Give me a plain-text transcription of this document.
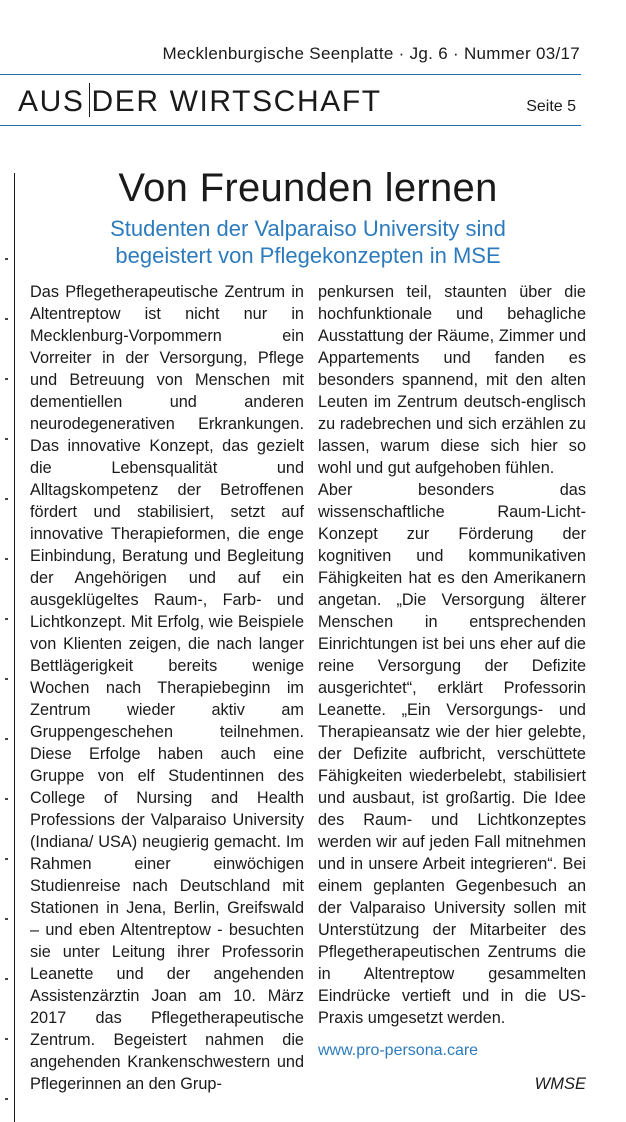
Mecklenburgische Seenplatte · Jg. 6 · Nummer 03/17
AUS DER WIRTSCHAFT	Seite 5
Von Freunden lernen
Studenten der Valparaiso University sind
begeistert von Pflegekonzepten in MSE

Das Pflegetherapeutische Zentrum in Altentreptow ist nicht nur in Mecklenburg-Vorpommern ein Vorreiter in der Versorgung, Pflege und Betreuung von Menschen mit dementiellen und anderen neurodegenerativen Erkrankungen. Das innovative Konzept, das gezielt die Lebensqualität und Alltagskompetenz der Betroffenen fördert und stabilisiert, setzt auf innovative Therapieformen, die enge Einbindung, Beratung und Begleitung der Angehörigen und auf ein ausgeklügeltes Raum-, Farb- und Lichtkonzept. Mit Erfolg, wie Beispiele von Klienten zeigen, die nach langer Bettlägerigkeit bereits wenige Wochen nach Therapiebeginn im Zentrum wieder aktiv am Gruppengeschehen teilnehmen. Diese Erfolge haben auch eine Gruppe von elf Studentinnen des College of Nursing and Health Professions der Valparaiso University (Indiana/ USA) neugierig gemacht. Im Rahmen einer einwöchigen Studienreise nach Deutschland mit Stationen in Jena, Berlin, Greifswald – und eben Altentreptow - besuchten sie unter Leitung ihrer Professorin Leanette und der angehenden Assistenzärztin Joan am 10. März 2017 das Pflegetherapeutische Zentrum. Begeistert nahmen die angehenden Krankenschwestern und Pflegerinnen an den Grup-

penkursen teil, staunten über die hochfunktionale und behagliche Ausstattung der Räume, Zimmer und Appartements und fanden es besonders spannend, mit den alten Leuten im Zentrum deutsch-englisch zu radebrechen und sich erzählen zu lassen, warum diese sich hier so wohl und gut aufgehoben fühlen.

Aber besonders das wissenschaftliche Raum-Licht-Konzept zur Förderung der kognitiven und kommunikativen Fähigkeiten hat es den Amerikanern angetan. „Die Versorgung älterer Menschen in entsprechenden Einrichtungen ist bei uns eher auf die reine Versorgung der Defizite ausgerichtet“, erklärt Professorin Leanette. „Ein Versorgungs- und Therapieansatz wie der hier gelebte, der Defizite aufbricht, verschüttete Fähigkeiten wiederbelebt, stabilisiert und ausbaut, ist großartig. Die Idee des Raum- und Lichtkonzeptes werden wir auf jeden Fall mitnehmen und in unsere Arbeit integrieren“. Bei einem geplanten Gegenbesuch an der Valparaiso University sollen mit Unterstützung der Mitarbeiter des Pflegetherapeutischen Zentrums die in Altentreptow gesammelten Eindrücke vertieft und in die US-Praxis umgesetzt werden.

www.pro-persona.care

WMSE
